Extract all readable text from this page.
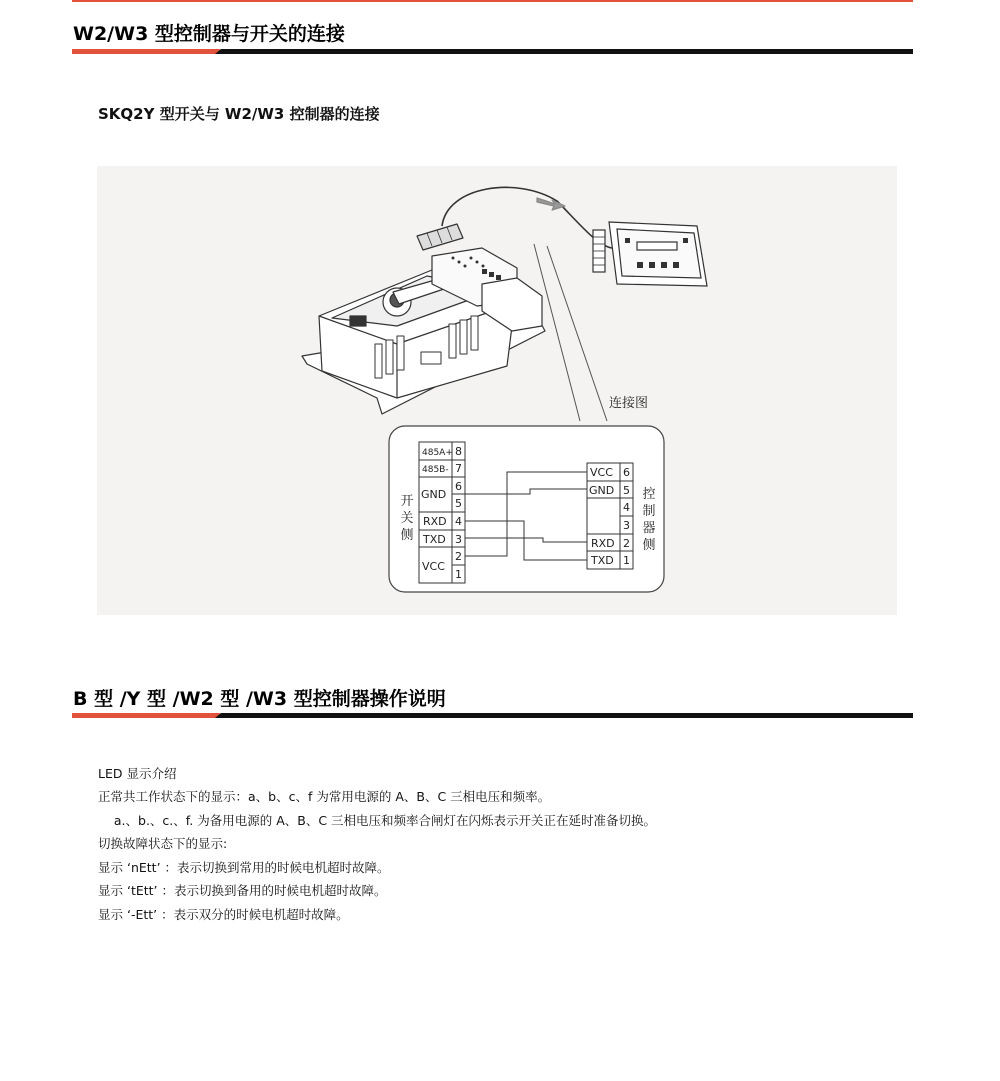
W2/W3 型控制器与开关的连接
SKQ2Y 型开关与 W2/W3 控制器的连接
连接图
开
关
侧
485A+
485B-
GND
RXD
TXD
VCC
8
7
6
5
4
3
2
1
VCC
GND
RXD
TXD
6
5
4
3
2
1
控
制
器
侧
B 型 /Y 型 /W2 型 /W3 型控制器操作说明
LED 显示介绍
正常共工作状态下的显示：a、b、c、f 为常用电源的 A、B、C 三相电压和频率。
a.、b.、c.、f. 为备用电源的 A、B、C 三相电压和频率合闸灯在闪烁表示开关正在延时准备切换。
切换故障状态下的显示:
显示 ‘nEtt’ ：表示切换到常用的时候电机超时故障。
显示 ‘tEtt’ ：表示切换到备用的时候电机超时故障。
显示 ‘-Ett’ ：表示双分的时候电机超时故障。
